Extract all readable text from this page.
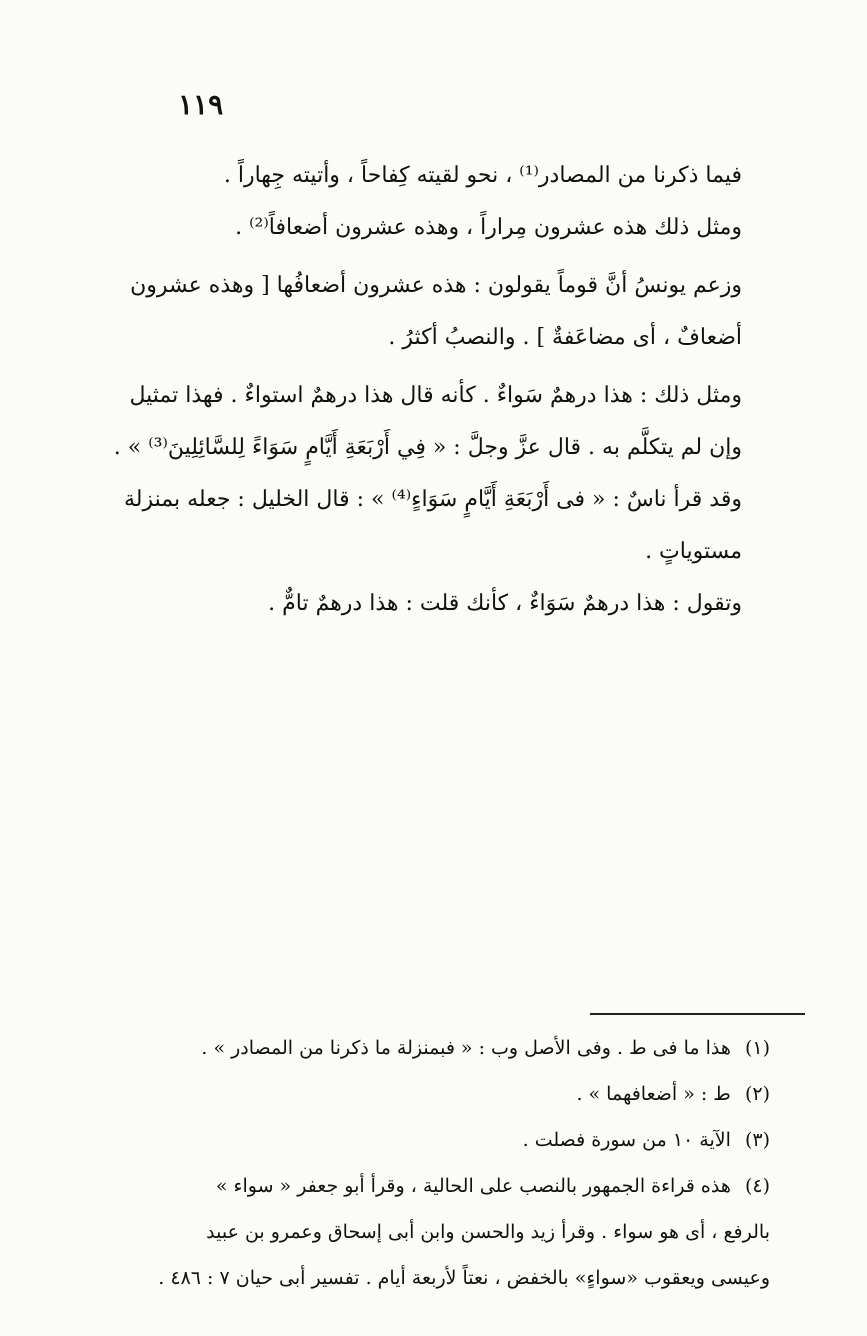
١١٩

فيما ذكرنا من المصادر⁽¹⁾ ، نحو لقيته كِفاحاً ، وأتيته جِهاراً .

ومثل ذلك هذه عشرون مِراراً ، وهذه عشرون أضعافاً⁽²⁾ .

وزعم يونسُ أنَّ قوماً يقولون : هذه عشرون أضعافُها [ وهذه عشرون
أضعافٌ ، أى مضاعَفةٌ ] . والنصبُ أكثرُ .

ومثل ذلك : هذا درهمٌ سَواءٌ . كأنه قال هذا درهمٌ استواءٌ . فهذا تمثيل
وإن لم يتكلَّم به . قال عزَّ وجلَّ : « فِي أَرْبَعَةِ أَيَّامٍ سَوَاءً لِلسَّائِلِينَ⁽³⁾ » .
وقد قرأ ناسٌ : « فى أَرْبَعَةِ أَيَّامٍ سَوَاءٍ⁽⁴⁾ » : قال الخليل : جعله بمنزلة
مستوياتٍ .

وتقول : هذا درهمٌ سَوَاءٌ ، كأنك قلت : هذا درهمٌ تامٌّ .

(١) هذا ما فى ط . وفى الأصل وب : « فبمنزلة ما ذكرنا من المصادر » .
(٢) ط : « أضعافهما » .
(٣) الآية ١٠ من سورة فصلت .
(٤) هذه قراءة الجمهور بالنصب على الحالية ، وقرأ أبو جعفر « سواء »
بالرفع ، أى هو سواء . وقرأ زيد والحسن وابن أبى إسحاق وعمرو بن عبيد
وعيسى ويعقوب «سواءٍ» بالخفض ، نعتاً لأربعة أيام . تفسير أبى حيان ٧ : ٤٨٦ .
